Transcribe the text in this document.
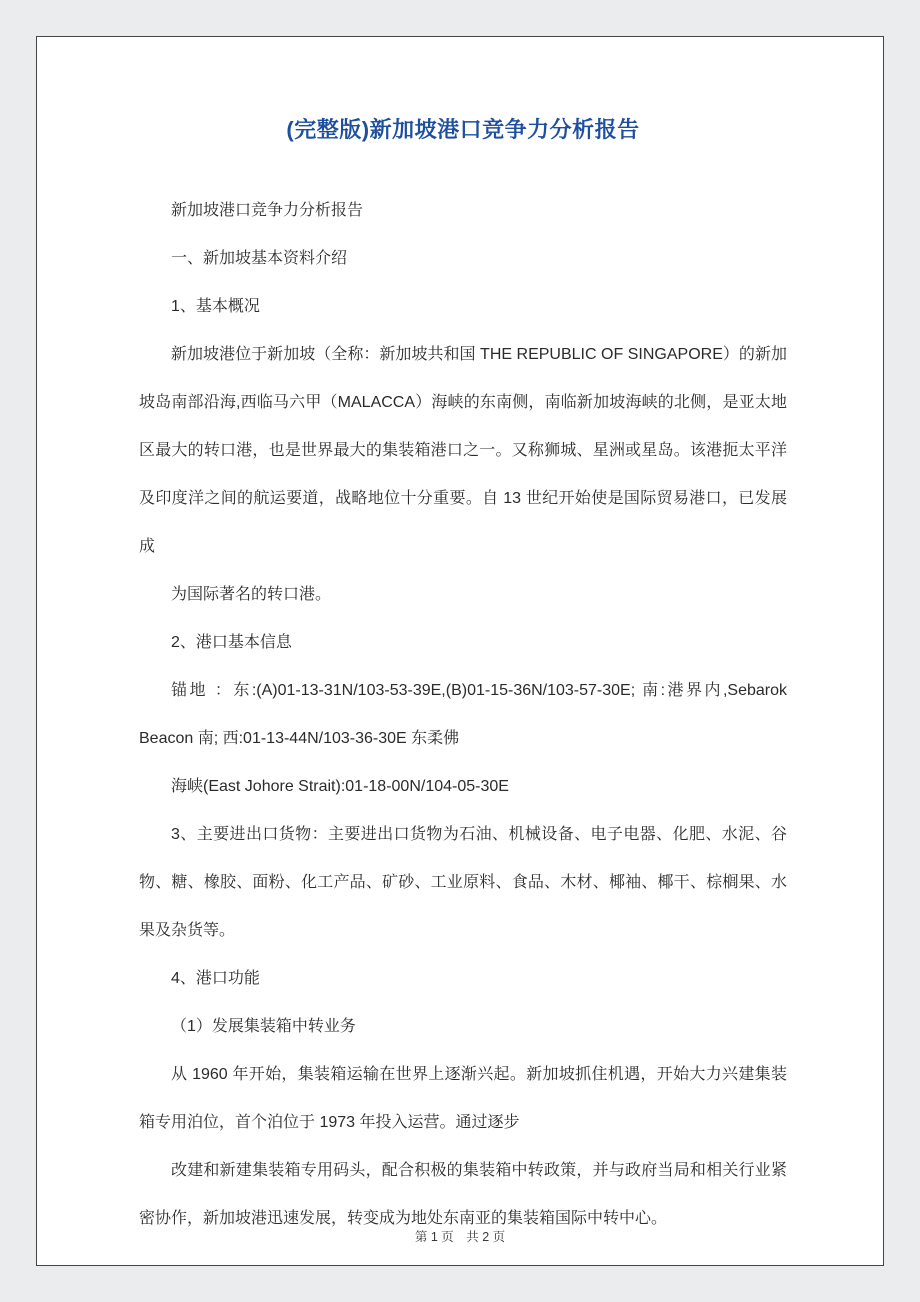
(完整版)新加坡港口竞争力分析报告

新加坡港口竞争力分析报告

一、新加坡基本资料介绍

1、基本概况

新加坡港位于新加坡（全称：新加坡共和国 THE REPUBLIC OF SINGAPORE）的新加坡岛南部沿海,西临马六甲（MALACCA）海峡的东南侧，南临新加坡海峡的北侧，是亚太地区最大的转口港，也是世界最大的集装箱港口之一。又称狮城、星洲或星岛。该港扼太平洋及印度洋之间的航运要道，战略地位十分重要。自 13 世纪开始使是国际贸易港口，已发展成

为国际著名的转口港。

2、港口基本信息

锚地 ：东:(A)01-13-31N/103-53-39E,(B)01-15-36N/103-57-30E; 南:港界内,Sebarok Beacon 南; 西:01-13-44N/103-36-30E 东柔佛

海峡(East Johore Strait):01-18-00N/104-05-30E

3、主要进出口货物：主要进出口货物为石油、机械设备、电子电器、化肥、水泥、谷物、糖、橡胶、面粉、化工产品、矿砂、工业原料、食品、木材、椰袖、椰干、棕榈果、水果及杂货等。

4、港口功能

（1）发展集装箱中转业务

从 1960 年开始，集装箱运输在世界上逐渐兴起。新加坡抓住机遇，开始大力兴建集装箱专用泊位，首个泊位于 1973 年投入运营。通过逐步

改建和新建集装箱专用码头，配合积极的集装箱中转政策，并与政府当局和相关行业紧密协作，新加坡港迅速发展，转变成为地处东南亚的集装箱国际中转中心。

第 1 页　共 2 页
